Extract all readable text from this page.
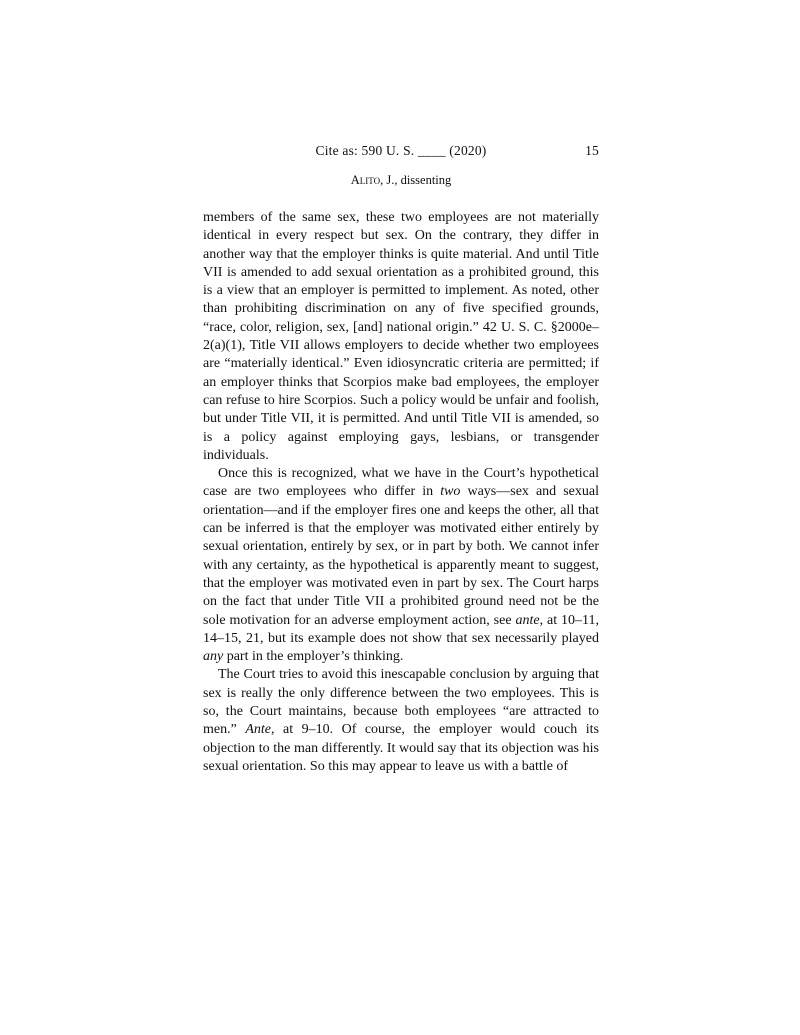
Cite as: 590 U. S. ____ (2020)	15
Alito, J., dissenting

members of the same sex, these two employees are not materially identical in every respect but sex. On the contrary, they differ in another way that the employer thinks is quite material. And until Title VII is amended to add sexual orientation as a prohibited ground, this is a view that an employer is permitted to implement. As noted, other than prohibiting discrimination on any of five specified grounds, “race, color, religion, sex, [and] national origin.” 42 U. S. C. §2000e–2(a)(1), Title VII allows employers to decide whether two employees are “materially identical.” Even idiosyncratic criteria are permitted; if an employer thinks that Scorpios make bad employees, the employer can refuse to hire Scorpios. Such a policy would be unfair and foolish, but under Title VII, it is permitted. And until Title VII is amended, so is a policy against employing gays, lesbians, or transgender individuals.

Once this is recognized, what we have in the Court’s hypothetical case are two employees who differ in two ways—sex and sexual orientation—and if the employer fires one and keeps the other, all that can be inferred is that the employer was motivated either entirely by sexual orientation, entirely by sex, or in part by both. We cannot infer with any certainty, as the hypothetical is apparently meant to suggest, that the employer was motivated even in part by sex. The Court harps on the fact that under Title VII a prohibited ground need not be the sole motivation for an adverse employment action, see ante, at 10–11, 14–15, 21, but its example does not show that sex necessarily played any part in the employer’s thinking.

The Court tries to avoid this inescapable conclusion by arguing that sex is really the only difference between the two employees. This is so, the Court maintains, because both employees “are attracted to men.” Ante, at 9–10. Of course, the employer would couch its objection to the man differently. It would say that its objection was his sexual orientation. So this may appear to leave us with a battle of
